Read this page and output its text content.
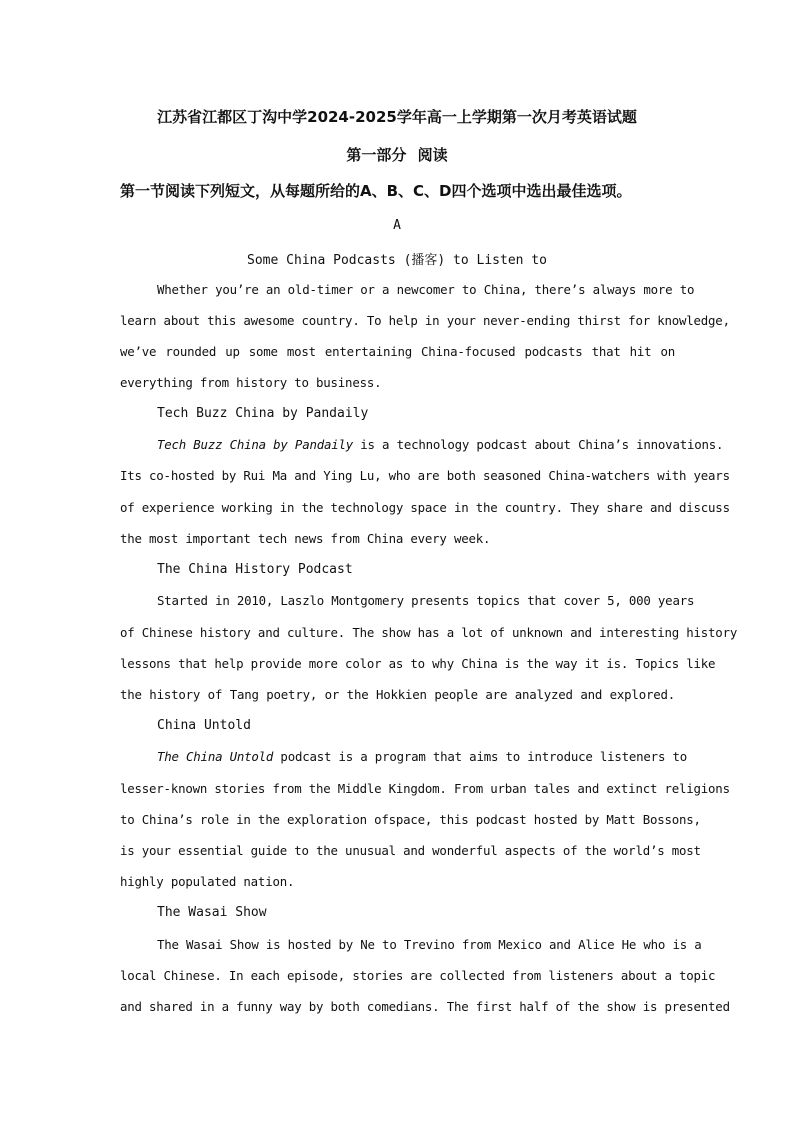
江苏省江都区丁沟中学2024-2025学年高一上学期第一次月考英语试题
第一部分 阅读
第一节阅读下列短文，从每题所给的A、B、C、D四个选项中选出最佳选项。
A
Some China Podcasts (播客) to Listen to
Whether you’re an old-timer or a newcomer to China, there’s always more to
learn about this awesome country. To help in your never-ending thirst for knowledge,
we’ve rounded up some most entertaining China-focused podcasts that hit on
everything from history to business.
Tech Buzz China by Pandaily
Tech Buzz China by Pandaily is a technology podcast about China’s innovations.
Its co-hosted by Rui Ma and Ying Lu, who are both seasoned China-watchers with years
of experience working in the technology space in the country. They share and discuss
the most important tech news from China every week.
The China History Podcast
Started in 2010, Laszlo Montgomery presents topics that cover 5, 000 years
of Chinese history and culture. The show has a lot of unknown and interesting history
lessons that help provide more color as to why China is the way it is. Topics like
the history of Tang poetry, or the Hokkien people are analyzed and explored.
China Untold
The China Untold podcast is a program that aims to introduce listeners to
lesser-known stories from the Middle Kingdom. From urban tales and extinct religions
to China’s role in the exploration ofspace, this podcast hosted by Matt Bossons,
is your essential guide to the unusual and wonderful aspects of the world’s most
highly populated nation.
The Wasai Show
The Wasai Show is hosted by Ne to Trevino from Mexico and Alice He who is a
local Chinese. In each episode, stories are collected from listeners about a topic
and shared in a funny way by both comedians. The first half of the show is presented
